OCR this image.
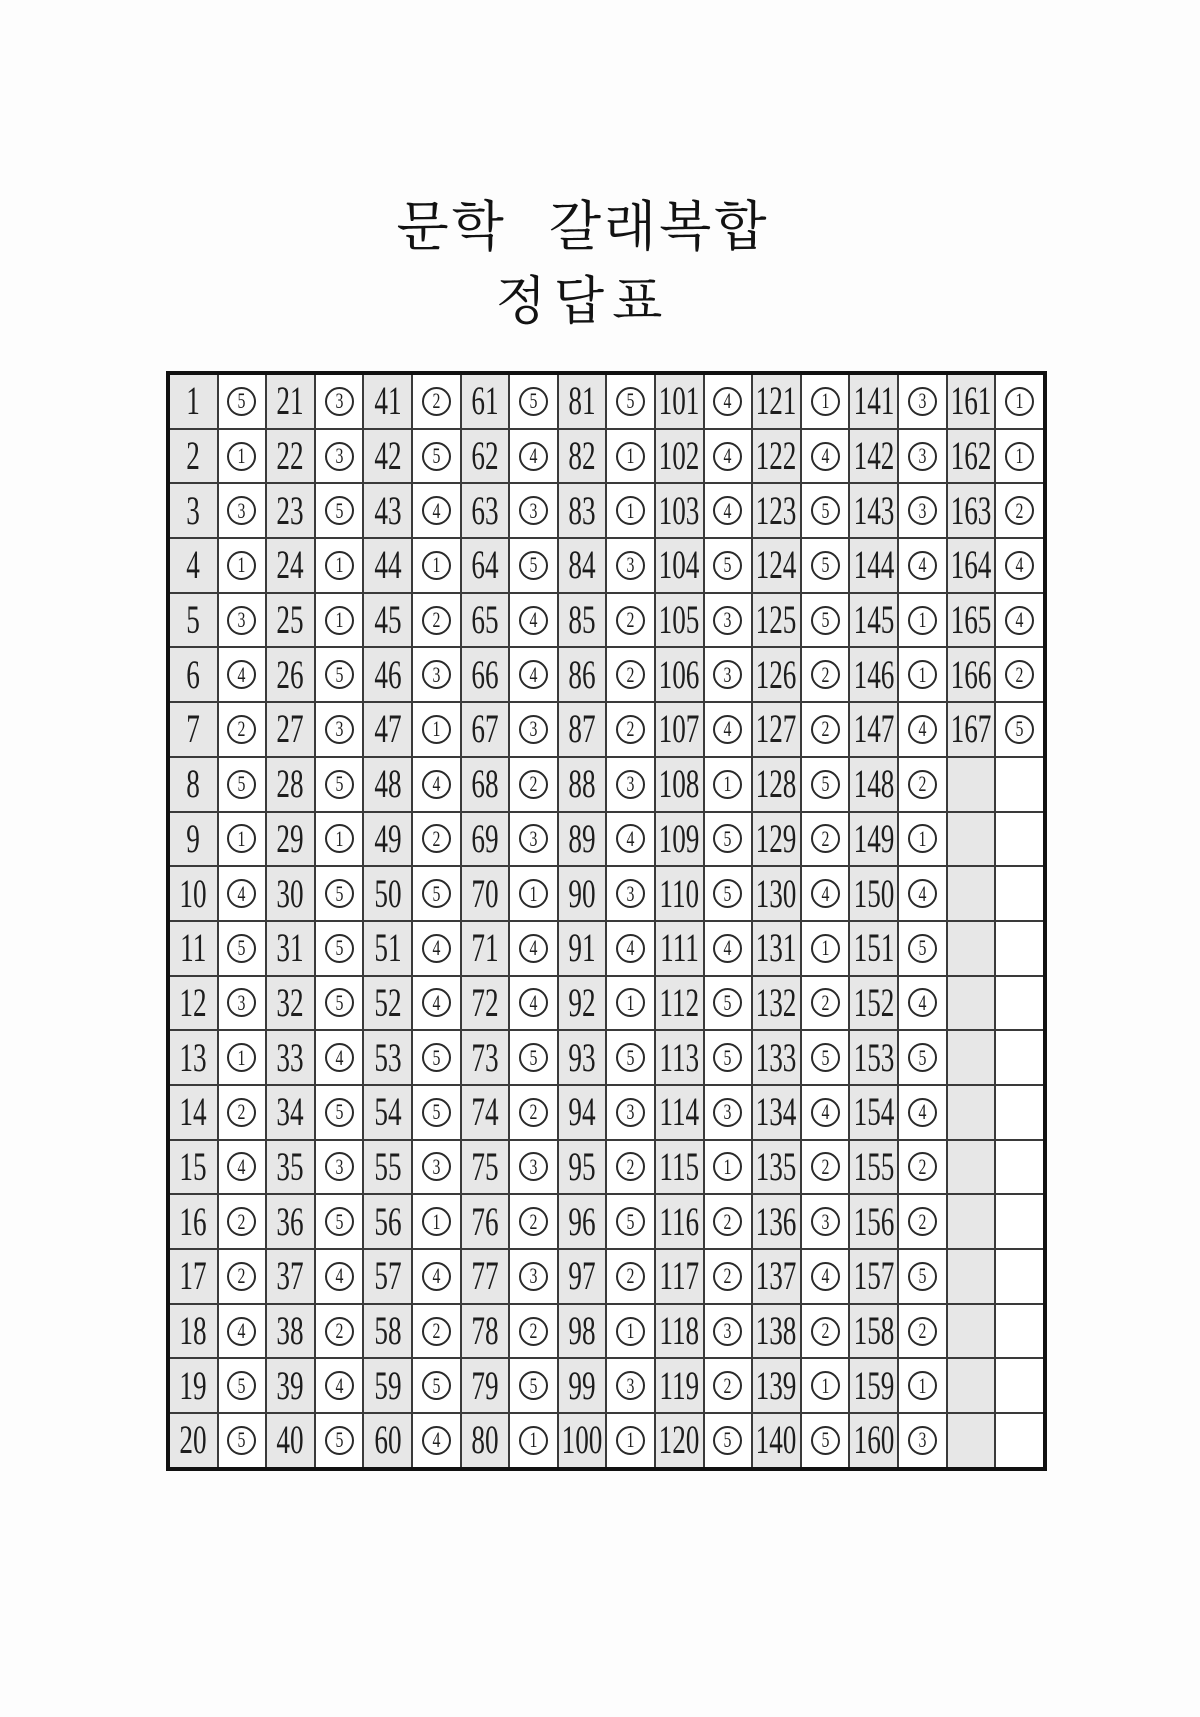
문학 갈래복합
정답표
1 5 21 3 41 2 61 5 81 5 101 4 121 1 141 3 161 1
2 1 22 3 42 5 62 4 82 1 102 4 122 4 142 3 162 1
3 3 23 5 43 4 63 3 83 1 103 4 123 5 143 3 163 2
4 1 24 1 44 1 64 5 84 3 104 5 124 5 144 4 164 4
5 3 25 1 45 2 65 4 85 2 105 3 125 5 145 1 165 4
6 4 26 5 46 3 66 4 86 2 106 3 126 2 146 1 166 2
7 2 27 3 47 1 67 3 87 2 107 4 127 2 147 4 167 5
8 5 28 5 48 4 68 2 88 3 108 1 128 5 148 2
9 1 29 1 49 2 69 3 89 4 109 5 129 2 149 1
10 4 30 5 50 5 70 1 90 3 110 5 130 4 150 4
11 5 31 5 51 4 71 4 91 4 111 4 131 1 151 5
12 3 32 5 52 4 72 4 92 1 112 5 132 2 152 4
13 1 33 4 53 5 73 5 93 5 113 5 133 5 153 5
14 2 34 5 54 5 74 2 94 3 114 3 134 4 154 4
15 4 35 3 55 3 75 3 95 2 115 1 135 2 155 2
16 2 36 5 56 1 76 2 96 5 116 2 136 3 156 2
17 2 37 4 57 4 77 3 97 2 117 2 137 4 157 5
18 4 38 2 58 2 78 2 98 1 118 3 138 2 158 2
19 5 39 4 59 5 79 5 99 3 119 2 139 1 159 1
20 5 40 5 60 4 80 1 100 1 120 5 140 5 160 3
